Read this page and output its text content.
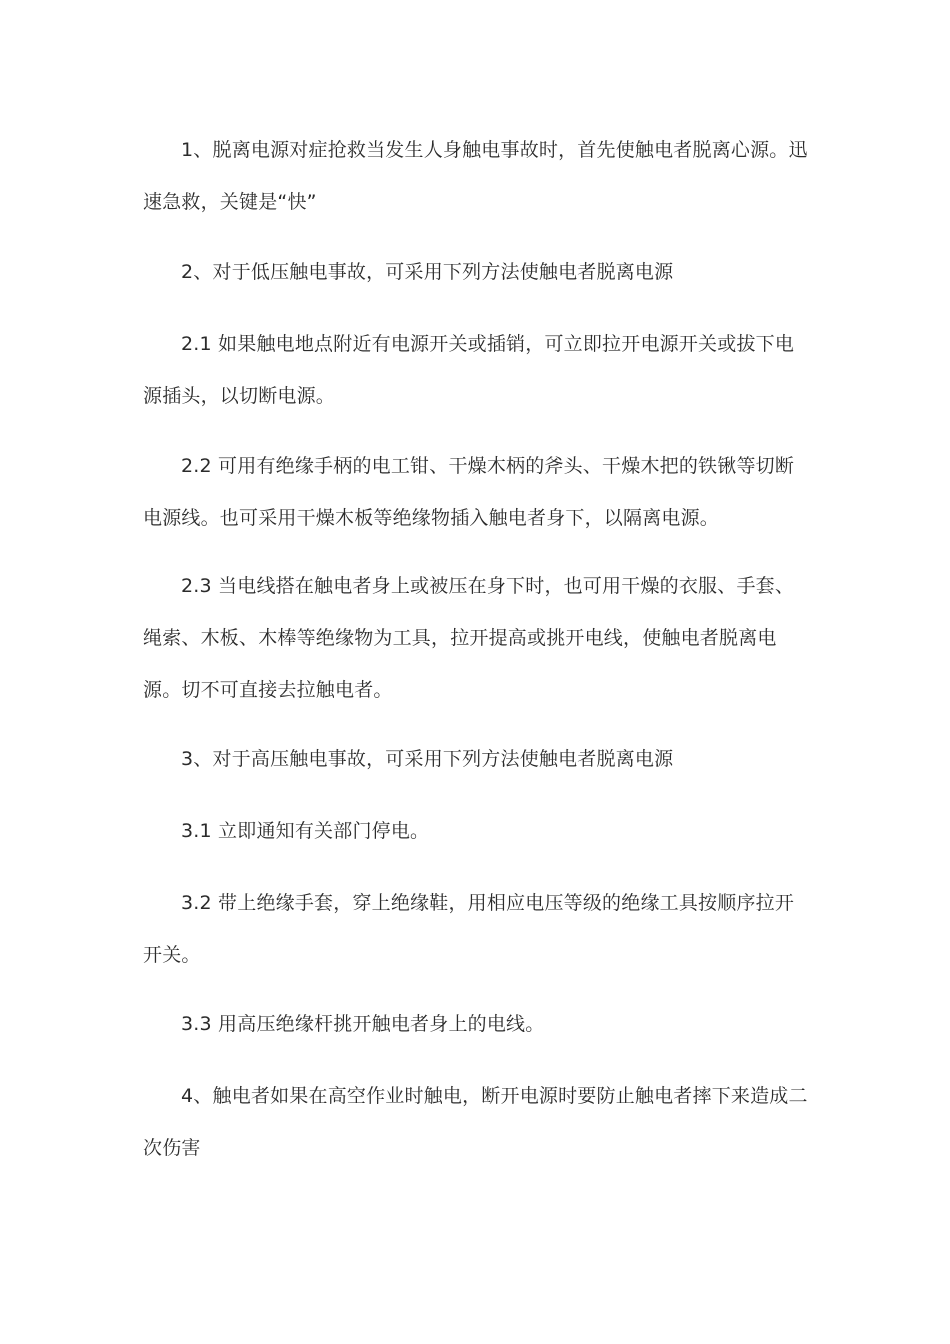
1、脱离电源对症抢救当发生人身触电事故时，首先使触电者脱离心源。迅速急救，关键是“快”

2、对于低压触电事故，可采用下列方法使触电者脱离电源

2.1 如果触电地点附近有电源开关或插销，可立即拉开电源开关或拔下电源插头，以切断电源。

2.2 可用有绝缘手柄的电工钳、干燥木柄的斧头、干燥木把的铁锹等切断电源线。也可采用干燥木板等绝缘物插入触电者身下，以隔离电源。

2.3 当电线搭在触电者身上或被压在身下时，也可用干燥的衣服、手套、绳索、木板、木棒等绝缘物为工具，拉开提高或挑开电线，使触电者脱离电源。切不可直接去拉触电者。

3、对于高压触电事故，可采用下列方法使触电者脱离电源

3.1 立即通知有关部门停电。

3.2 带上绝缘手套，穿上绝缘鞋，用相应电压等级的绝缘工具按顺序拉开开关。

3.3 用高压绝缘杆挑开触电者身上的电线。

4、触电者如果在高空作业时触电，断开电源时要防止触电者摔下来造成二次伤害
